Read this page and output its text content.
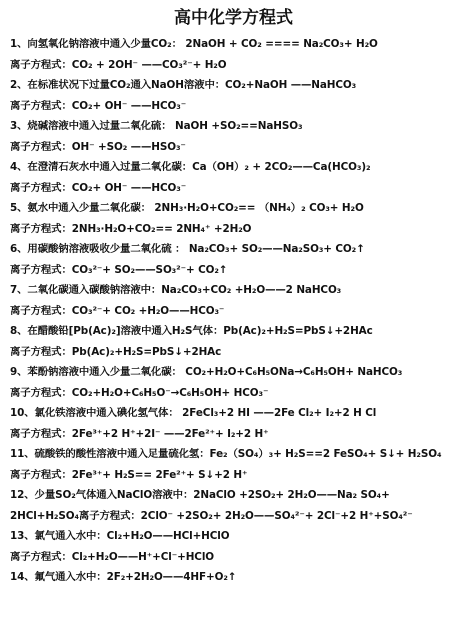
高中化学方程式
1、向氢氧化钠溶液中通入少量CO₂： 2NaOH + CO₂ ==== Na₂CO₃+ H₂O
离子方程式：CO₂ + 2OH⁻ ——CO₃²⁻+ H₂O
2、在标准状况下过量CO₂通入NaOH溶液中：CO₂+NaOH ——NaHCO₃
离子方程式：CO₂+ OH⁻ ——HCO₃⁻
3、烧碱溶液中通入过量二氧化硫： NaOH +SO₂==NaHSO₃
离子方程式：OH⁻ +SO₂ ——HSO₃⁻
4、在澄清石灰水中通入过量二氧化碳：Ca（OH）₂ + 2CO₂——Ca(HCO₃)₂
离子方程式：CO₂+ OH⁻ ——HCO₃⁻
5、氨水中通入少量二氧化碳： 2NH₃·H₂O+CO₂== （NH₄）₂ CO₃+ H₂O
离子方程式：2NH₃·H₂O+CO₂== 2NH₄⁺ +2H₂O
6、用碳酸钠溶液吸收少量二氧化硫 ： Na₂CO₃+ SO₂——Na₂SO₃+ CO₂↑
离子方程式：CO₃²⁻+ SO₂——SO₃²⁻+ CO₂↑
7、二氧化碳通入碳酸钠溶液中：Na₂CO₃+CO₂ +H₂O——2 NaHCO₃
离子方程式：CO₃²⁻+ CO₂ +H₂O——HCO₃⁻
8、在醋酸铅[Pb(Ac)₂]溶液中通入H₂S气体：Pb(Ac)₂+H₂S=PbS↓+2HAc
离子方程式：Pb(Ac)₂+H₂S=PbS↓+2HAc
9、苯酚钠溶液中通入少量二氧化碳： CO₂+H₂O+C₆H₅ONa→C₆H₅OH+ NaHCO₃
离子方程式：CO₂+H₂O+C₆H₅O⁻→C₆H₅OH+ HCO₃⁻
10、氯化铁溶液中通入碘化氢气体： 2FeCl₃+2 HI ——2Fe Cl₂+ I₂+2 H Cl
离子方程式：2Fe³⁺+2 H⁺+2I⁻ ——2Fe²⁺+ I₂+2 H⁺
11、硫酸铁的酸性溶液中通入足量硫化氢：Fe₂（SO₄）₃+ H₂S==2 FeSO₄+ S↓+ H₂SO₄
离子方程式：2Fe³⁺+ H₂S== 2Fe²⁺+ S↓+2 H⁺
12、少量SO₂气体通入NaClO溶液中：2NaClO +2SO₂+ 2H₂O——Na₂ SO₄+
2HCl+H₂SO₄离子方程式：2ClO⁻ +2SO₂+ 2H₂O——SO₄²⁻+ 2Cl⁻+2 H⁺+SO₄²⁻
13、氯气通入水中：Cl₂+H₂O——HCl+HClO
离子方程式：Cl₂+H₂O——H⁺+Cl⁻+HClO
14、氟气通入水中：2F₂+2H₂O——4HF+O₂↑
